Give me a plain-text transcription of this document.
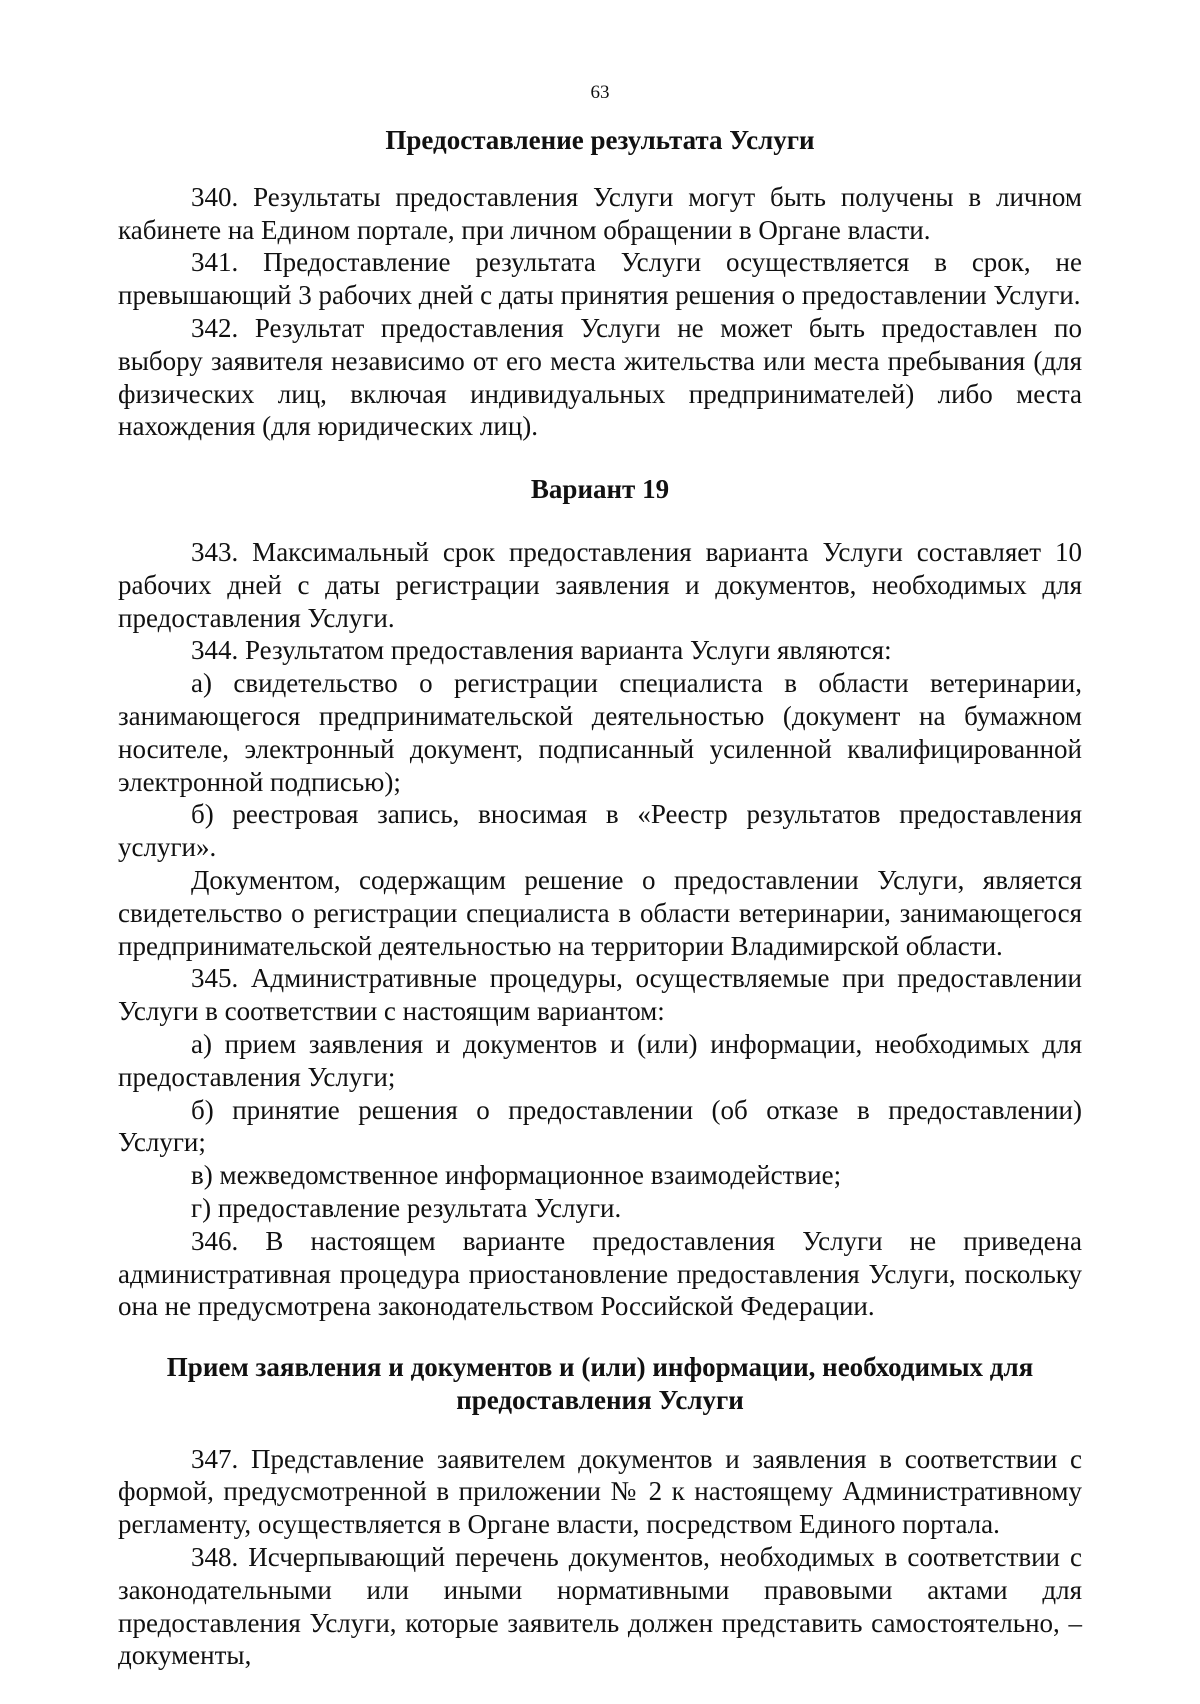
63
Предоставление результата Услуги

340. Результаты предоставления Услуги могут быть получены в личном кабинете на Едином портале, при личном обращении в Органе власти.

341. Предоставление результата Услуги осуществляется в срок, не превышающий 3 рабочих дней с даты принятия решения о предоставлении Услуги.

342. Результат предоставления Услуги не может быть предоставлен по выбору заявителя независимо от его места жительства или места пребывания (для физических лиц, включая индивидуальных предпринимателей) либо места нахождения (для юридических лиц).

Вариант 19

343. Максимальный срок предоставления варианта Услуги составляет 10 рабочих дней с даты регистрации заявления и документов, необходимых для предоставления Услуги.

344. Результатом предоставления варианта Услуги являются:

а) свидетельство о регистрации специалиста в области ветеринарии, занимающегося предпринимательской деятельностью (документ на бумажном носителе, электронный документ, подписанный усиленной квалифицированной электронной подписью);

б) реестровая запись, вносимая в «Реестр результатов предоставления услуги».

Документом, содержащим решение о предоставлении Услуги, является свидетельство о регистрации специалиста в области ветеринарии, занимающегося предпринимательской деятельностью на территории Владимирской области.

345. Административные процедуры, осуществляемые при предоставлении Услуги в соответствии с настоящим вариантом:

а) прием заявления и документов и (или) информации, необходимых для предоставления Услуги;

б) принятие решения о предоставлении (об отказе в предоставлении) Услуги;

в) межведомственное информационное взаимодействие;

г) предоставление результата Услуги.

346. В настоящем варианте предоставления Услуги не приведена административная процедура приостановление предоставления Услуги, поскольку она не предусмотрена законодательством Российской Федерации.

Прием заявления и документов и (или) информации, необходимых для предоставления Услуги

347. Представление заявителем документов и заявления в соответствии с формой, предусмотренной в приложении № 2 к настоящему Административному регламенту, осуществляется в Органе власти, посредством Единого портала.

348. Исчерпывающий перечень документов, необходимых в соответствии с законодательными или иными нормативными правовыми актами для предоставления Услуги, которые заявитель должен представить самостоятельно, – документы,
